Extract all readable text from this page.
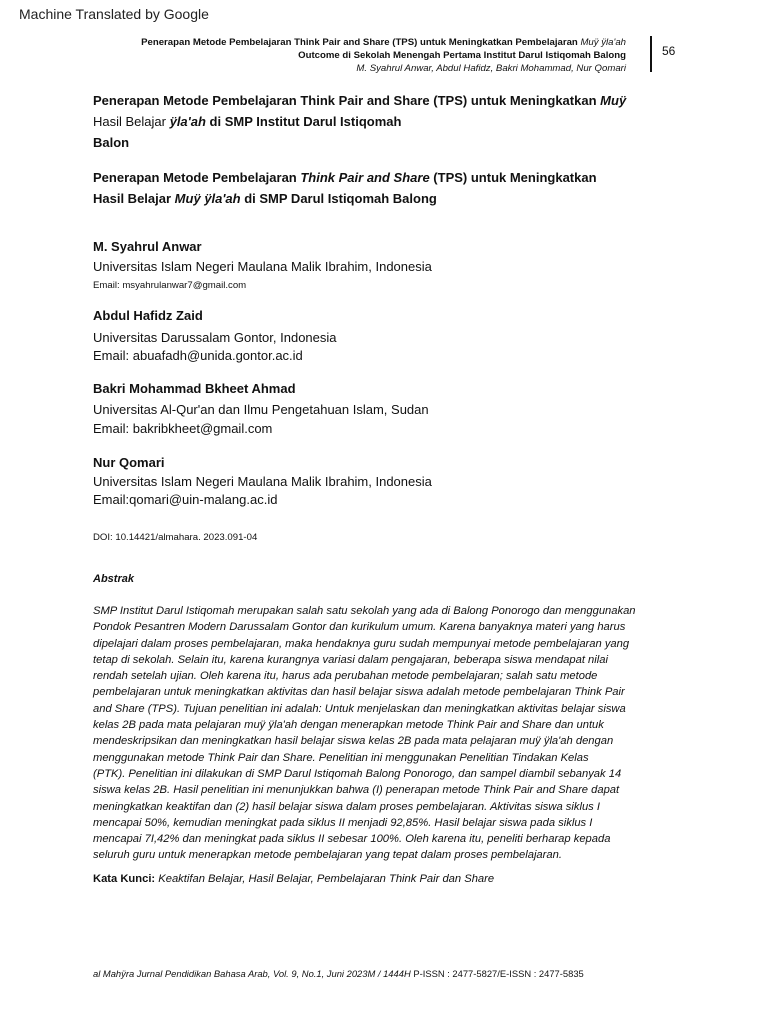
Machine Translated by Google
Penerapan Metode Pembelajaran Think Pair and Share (TPS) untuk Meningkatkan Pembelajaran Muÿ ÿla'ah
Outcome di Sekolah Menengah Pertama Institut Darul Istiqomah Balong
M. Syahrul Anwar, Abdul Hafidz, Bakri Mohammad, Nur Qomari
56
Penerapan Metode Pembelajaran Think Pair and Share (TPS) untuk Meningkatkan Muÿ
Hasil Belajar ÿla'ah di SMP Institut Darul Istiqomah
Balon
Penerapan Metode Pembelajaran Think Pair and Share (TPS) untuk Meningkatkan
Hasil Belajar Muÿ ÿla'ah di SMP Darul Istiqomah Balong
M. Syahrul Anwar
Universitas Islam Negeri Maulana Malik Ibrahim, Indonesia
Email: msyahrulanwar7@gmail.com
Abdul Hafidz Zaid
Universitas Darussalam Gontor, Indonesia
Email: abuafadh@unida.gontor.ac.id
Bakri Mohammad Bkheet Ahmad
Universitas Al-Qur'an dan Ilmu Pengetahuan Islam, Sudan
Email: bakribkheet@gmail.com
Nur Qomari
Universitas Islam Negeri Maulana Malik Ibrahim, Indonesia
Email:qomari@uin-malang.ac.id
DOI: 10.14421/almahara. 2023.091-04
Abstrak
SMP Institut Darul Istiqomah merupakan salah satu sekolah yang ada di Balong Ponorogo dan menggunakan
Pondok Pesantren Modern Darussalam Gontor dan kurikulum umum. Karena banyaknya materi yang harus
dipelajari dalam proses pembelajaran, maka hendaknya guru sudah mempunyai metode pembelajaran yang
tetap di sekolah. Selain itu, karena kurangnya variasi dalam pengajaran, beberapa siswa mendapat nilai
rendah setelah ujian. Oleh karena itu, harus ada perubahan metode pembelajaran; salah satu metode
pembelajaran untuk meningkatkan aktivitas dan hasil belajar siswa adalah metode pembelajaran Think Pair
and Share (TPS). Tujuan penelitian ini adalah: Untuk menjelaskan dan meningkatkan aktivitas belajar siswa
kelas 2B pada mata pelajaran muÿ ÿla'ah dengan menerapkan metode Think Pair and Share dan untuk
mendeskripsikan dan meningkatkan hasil belajar siswa kelas 2B pada mata pelajaran muÿ ÿla'ah dengan
menggunakan metode Think Pair dan Share. Penelitian ini menggunakan Penelitian Tindakan Kelas
(PTK). Penelitian ini dilakukan di SMP Darul Istiqomah Balong Ponorogo, dan sampel diambil sebanyak 14
siswa kelas 2B. Hasil penelitian ini menunjukkan bahwa (I) penerapan metode Think Pair and Share dapat
meningkatkan keaktifan dan (2) hasil belajar siswa dalam proses pembelajaran. Aktivitas siswa siklus I
mencapai 50%, kemudian meningkat pada siklus II menjadi 92,85%. Hasil belajar siswa pada siklus I
mencapai 7I,42% dan meningkat pada siklus II sebesar 100%. Oleh karena itu, peneliti berharap kepada
seluruh guru untuk menerapkan metode pembelajaran yang tepat dalam proses pembelajaran.
Kata Kunci: Keaktifan Belajar, Hasil Belajar, Pembelajaran Think Pair dan Share
al Mahÿra Jurnal Pendidikan Bahasa Arab, Vol. 9, No.1, Juni 2023M / 1444H P-ISSN : 2477-5827/E-ISSN : 2477-5835
